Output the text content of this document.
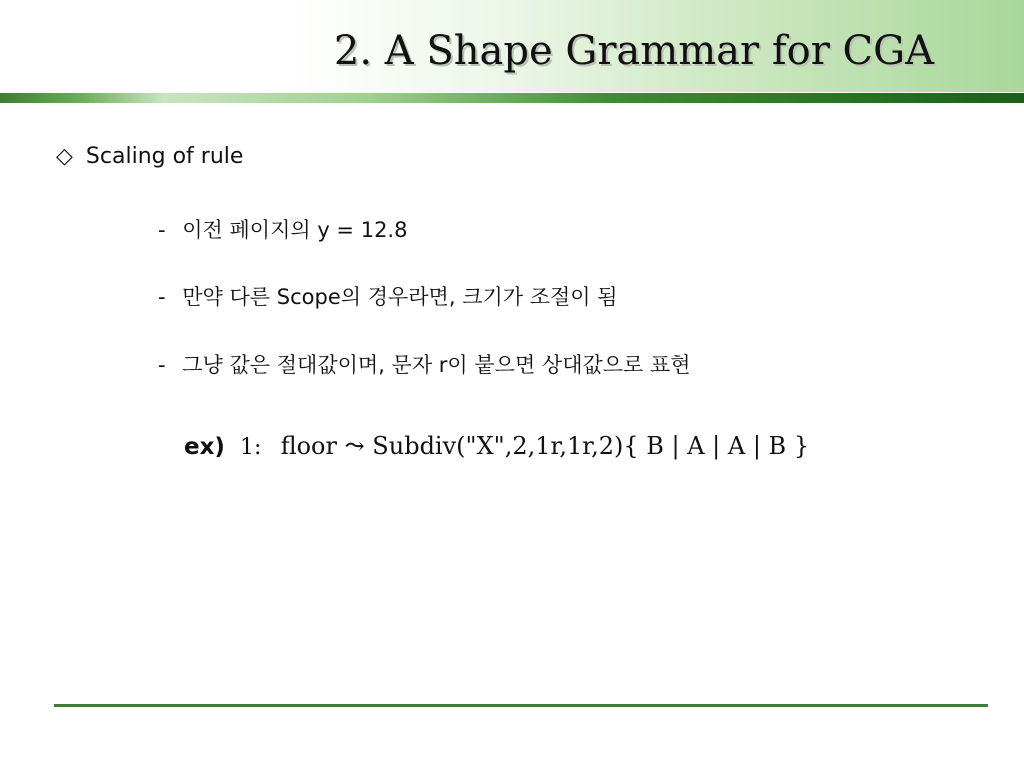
2. A Shape Grammar for CGA
◇ Scaling of rule
- 이전 페이지의 y = 12.8
- 만약 다른 Scope의 경우라면, 크기가 조절이 됨
- 그냥 값은 절대값이며, 문자 r이 붙으면 상대값으로 표현
ex) 1: floor ⤳ Subdiv("X",2,1r,1r,2){ B | A | A | B }
